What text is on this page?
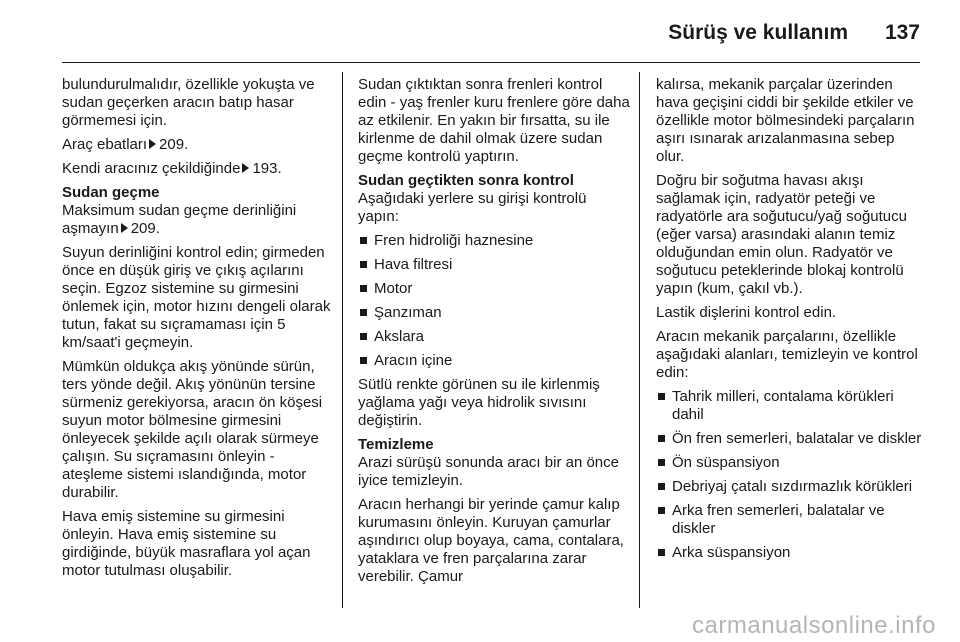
Sürüş ve kullanım 137

bulundurulmalıdır, özellikle yokuşta ve sudan geçerken aracın batıp hasar görmemesi için.

Araç ebatları 209.

Kendi aracınız çekildiğinde 193.

Sudan geçme

Maksimum sudan geçme derinliğini aşmayın 209.

Suyun derinliğini kontrol edin; girmeden önce en düşük giriş ve çıkış açılarını seçin. Egzoz sistemine su girmesini önlemek için, motor hızını dengeli olarak tutun, fakat su sıçramaması için 5 km/saat'i geçmeyin.

Mümkün oldukça akış yönünde sürün, ters yönde değil. Akış yönünün tersine sürmeniz gerekiyorsa, aracın ön köşesi suyun motor bölmesine girmesini önleyecek şekilde açılı olarak sürmeye çalışın. Su sıçramasını önleyin - ateşleme sistemi ıslandığında, motor durabilir.

Hava emiş sistemine su girmesini önleyin. Hava emiş sistemine su girdiğinde, büyük masraflara yol açan motor tutulması oluşabilir.

Sudan çıktıktan sonra frenleri kontrol edin - yaş frenler kuru frenlere göre daha az etkilenir. En yakın bir fırsatta, su ile kirlenme de dahil olmak üzere sudan geçme kontrolü yaptırın.

Sudan geçtikten sonra kontrol

Aşağıdaki yerlere su girişi kontrolü yapın:

Fren hidroliği haznesine
Hava filtresi
Motor
Şanzıman
Akslara
Aracın içine

Sütlü renkte görünen su ile kirlenmiş yağlama yağı veya hidrolik sıvısını değiştirin.

Temizleme

Arazi sürüşü sonunda aracı bir an önce iyice temizleyin.

Aracın herhangi bir yerinde çamur kalıp kurumasını önleyin. Kuruyan çamurlar aşındırıcı olup boyaya, cama, contalara, yataklara ve fren parçalarına zarar verebilir. Çamur

kalırsa, mekanik parçalar üzerinden hava geçişini ciddi bir şekilde etkiler ve özellikle motor bölmesindeki parçaların aşırı ısınarak arızalanmasına sebep olur.

Doğru bir soğutma havası akışı sağlamak için, radyatör peteği ve radyatörle ara soğutucu/yağ soğutucu (eğer varsa) arasındaki alanın temiz olduğundan emin olun. Radyatör ve soğutucu peteklerinde blokaj kontrolü yapın (kum, çakıl vb.).

Lastik dişlerini kontrol edin.

Aracın mekanik parçalarını, özellikle aşağıdaki alanları, temizleyin ve kontrol edin:

Tahrik milleri, contalama körükleri dahil
Ön fren semerleri, balatalar ve diskler
Ön süspansiyon
Debriyaj çatalı sızdırmazlık körükleri
Arka fren semerleri, balatalar ve diskler
Arka süspansiyon
carmanualsonline.info
